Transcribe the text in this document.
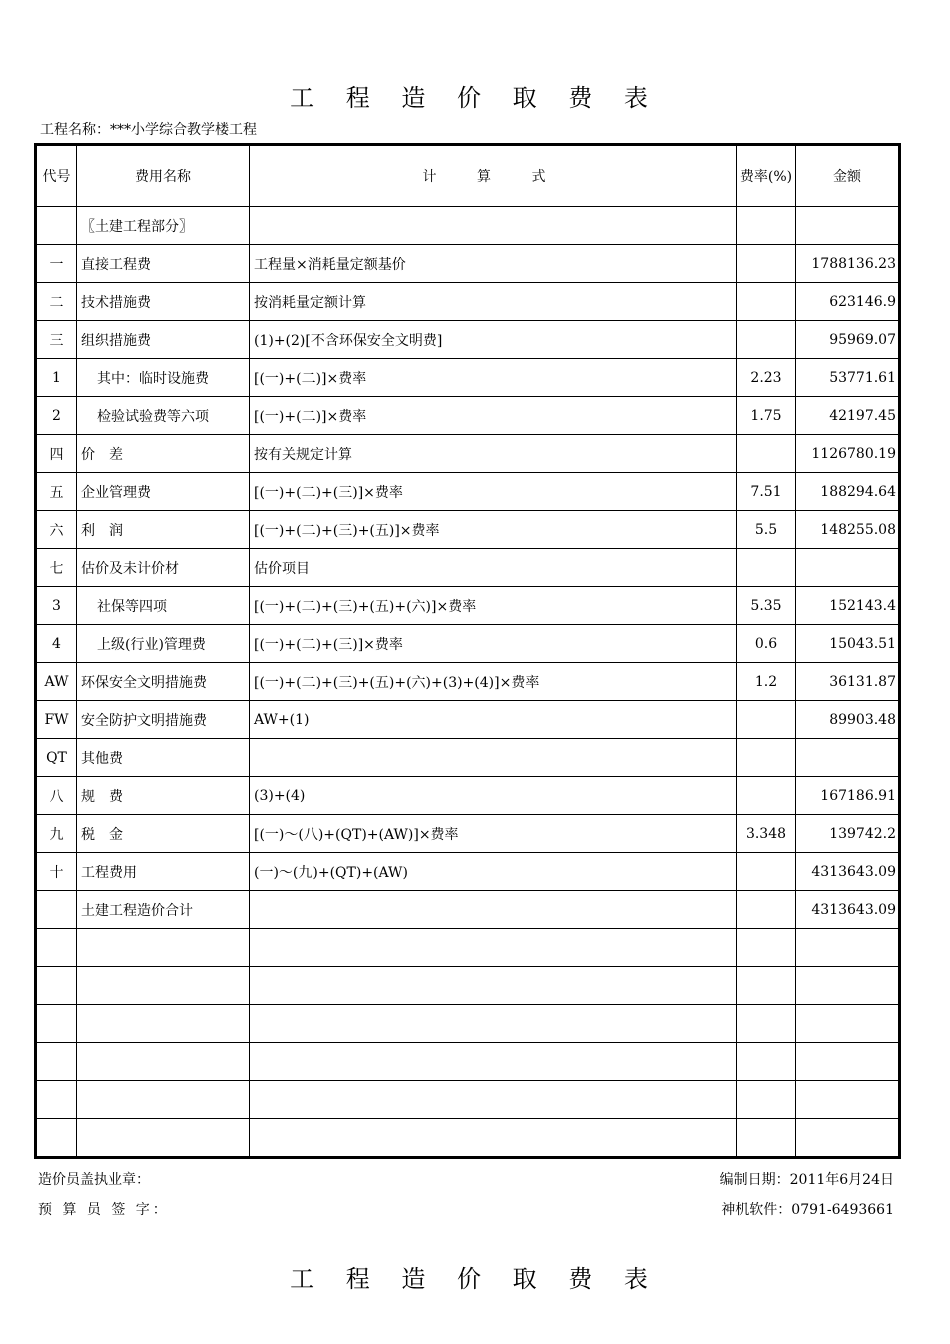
工 程 造 价 取 费 表
工程名称：***小学综合教学楼工程
代号	费用名称	计 算 式	费率(%)	金额
	〖土建工程部分〗			
一	直接工程费	工程量×消耗量定额基价		1788136.23
二	技术措施费	按消耗量定额计算		623146.9
三	组织措施费	(1)+(2)[不含环保安全文明费]		95969.07
1	其中：临时设施费	[(一)+(二)]×费率	2.23	53771.61
2	检验试验费等六项	[(一)+(二)]×费率	1.75	42197.45
四	价　差	按有关规定计算		1126780.19
五	企业管理费	[(一)+(二)+(三)]×费率	7.51	188294.64
六	利　润	[(一)+(二)+(三)+(五)]×费率	5.5	148255.08
七	估价及未计价材	估价项目		
3	社保等四项	[(一)+(二)+(三)+(五)+(六)]×费率	5.35	152143.4
4	上级(行业)管理费	[(一)+(二)+(三)]×费率	0.6	15043.51
AW	环保安全文明措施费	[(一)+(二)+(三)+(五)+(六)+(3)+(4)]×费率	1.2	36131.87
FW	安全防护文明措施费	AW+(1)		89903.48
QT	其他费			
八	规　费	(3)+(4)		167186.91
九	税　金	[(一)～(八)+(QT)+(AW)]×费率	3.348	139742.2
十	工程费用	(一)～(九)+(QT)+(AW)		4313643.09
	土建工程造价合计			4313643.09

造价员盖执业章：
预 算 员 签 字：
编制日期：2011年6月24日
神机软件：0791-6493661
工 程 造 价 取 费 表
